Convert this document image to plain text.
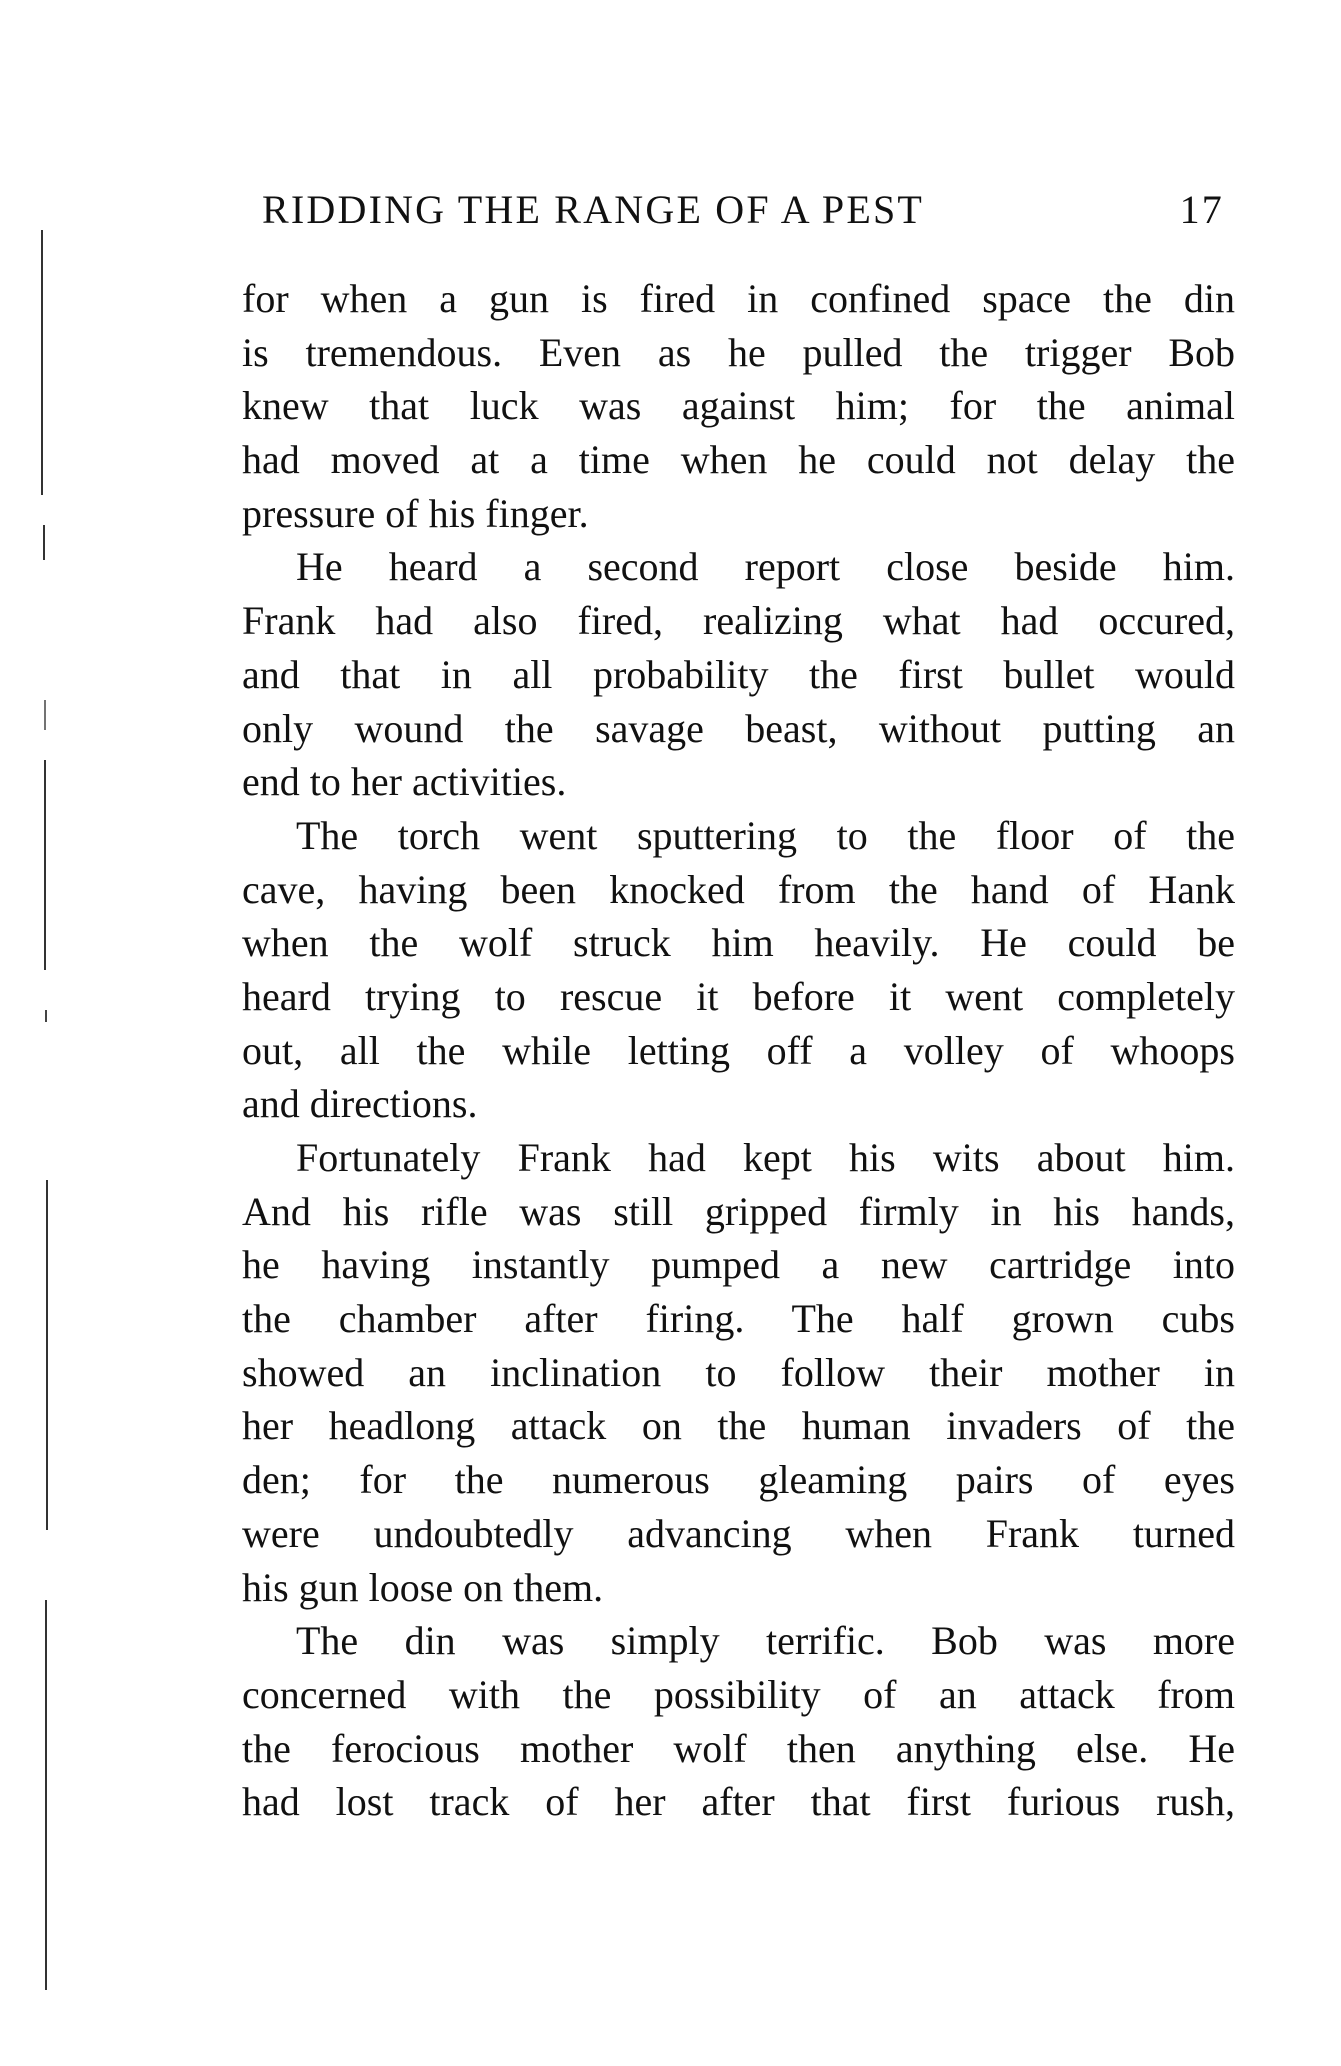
RIDDING THE RANGE OF A PEST	17
for when a gun is fired in confined space the din
is tremendous. Even as he pulled the trigger Bob
knew that luck was against him; for the animal
had moved at a time when he could not delay the
pressure of his finger.
He heard a second report close beside him.
Frank had also fired, realizing what had occured,
and that in all probability the first bullet would
only wound the savage beast, without putting an
end to her activities.
The torch went sputtering to the floor of the
cave, having been knocked from the hand of Hank
when the wolf struck him heavily. He could be
heard trying to rescue it before it went completely
out, all the while letting off a volley of whoops
and directions.
Fortunately Frank had kept his wits about him.
And his rifle was still gripped firmly in his hands,
he having instantly pumped a new cartridge into
the chamber after firing. The half grown cubs
showed an inclination to follow their mother in
her headlong attack on the human invaders of the
den; for the numerous gleaming pairs of eyes
were undoubtedly advancing when Frank turned
his gun loose on them.
The din was simply terrific. Bob was more
concerned with the possibility of an attack from
the ferocious mother wolf then anything else. He
had lost track of her after that first furious rush,
